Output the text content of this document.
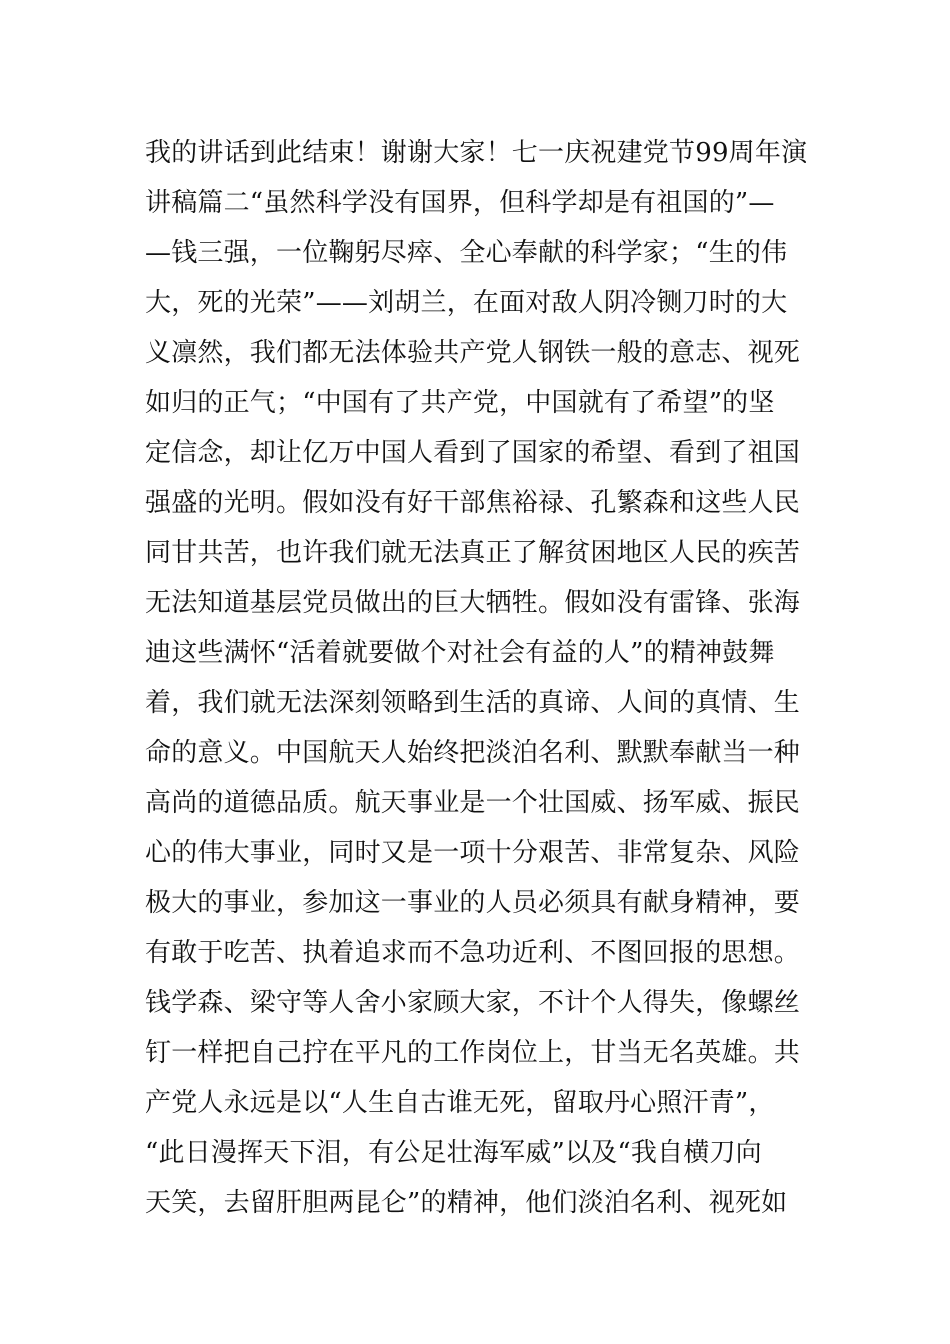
我的讲话到此结束！谢谢大家！七一庆祝建党节99周年演
讲稿篇二“虽然科学没有国界，但科学却是有祖国的”—
—钱三强，一位鞠躬尽瘁、全心奉献的科学家；“生的伟
大，死的光荣”——刘胡兰，在面对敌人阴冷铡刀时的大
义凛然，我们都无法体验共产党人钢铁一般的意志、视死
如归的正气；“中国有了共产党，中国就有了希望”的坚
定信念，却让亿万中国人看到了国家的希望、看到了祖国
强盛的光明。假如没有好干部焦裕禄、孔繁森和这些人民
同甘共苦，也许我们就无法真正了解贫困地区人民的疾苦
无法知道基层党员做出的巨大牺牲。假如没有雷锋、张海
迪这些满怀“活着就要做个对社会有益的人”的精神鼓舞
着，我们就无法深刻领略到生活的真谛、人间的真情、生
命的意义。中国航天人始终把淡泊名利、默默奉献当一种
高尚的道德品质。航天事业是一个壮国威、扬军威、振民
心的伟大事业，同时又是一项十分艰苦、非常复杂、风险
极大的事业，参加这一事业的人员必须具有献身精神，要
有敢于吃苦、执着追求而不急功近利、不图回报的思想。
钱学森、梁守等人舍小家顾大家，不计个人得失，像螺丝
钉一样把自己拧在平凡的工作岗位上，甘当无名英雄。共
产党人永远是以“人生自古谁无死，留取丹心照汗青”，
“此日漫挥天下泪，有公足壮海军威”以及“我自横刀向
天笑，去留肝胆两昆仑”的精神，他们淡泊名利、视死如
